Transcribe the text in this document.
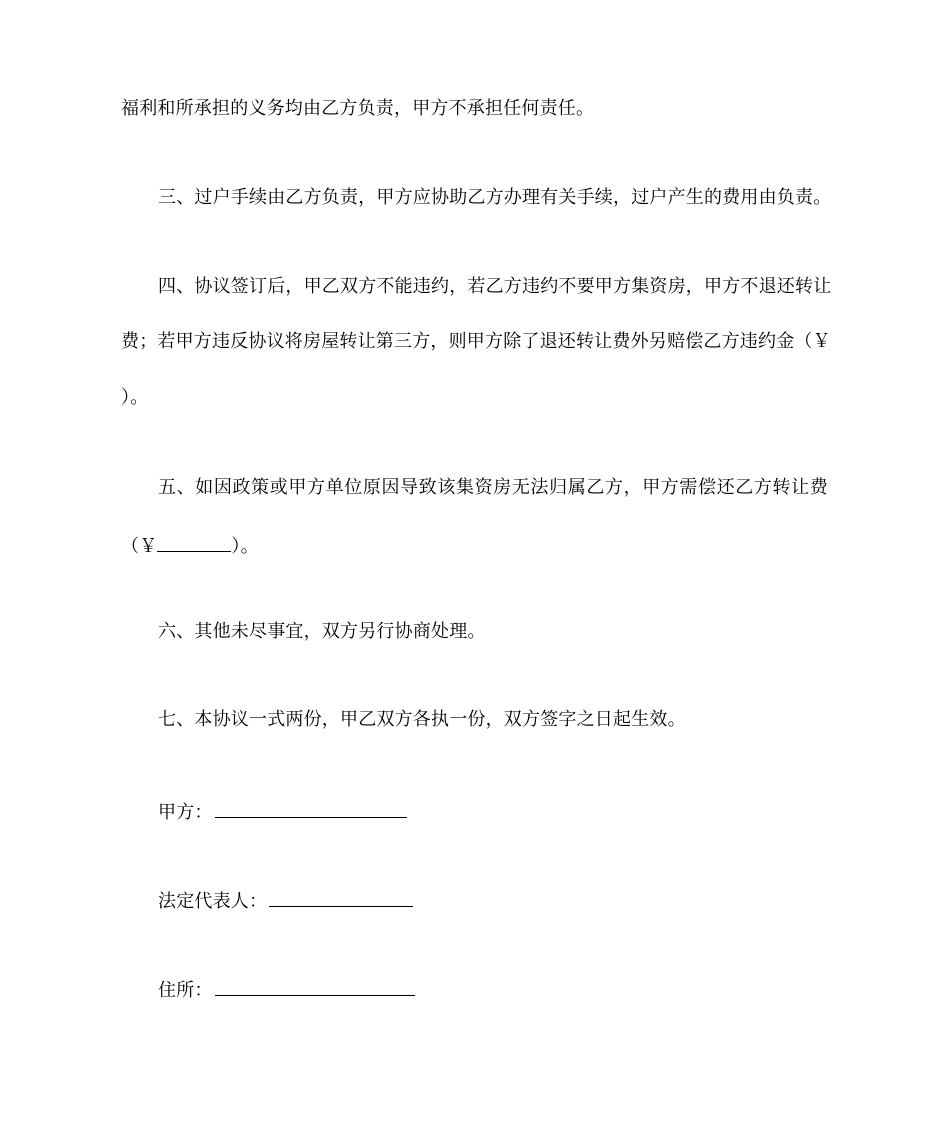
福利和所承担的义务均由乙方负责，甲方不承担任何责任。
三、过户手续由乙方负责，甲方应协助乙方办理有关手续，过户产生的费用由负责。
四、协议签订后，甲乙双方不能违约，若乙方违约不要甲方集资房，甲方不退还转让
费；若甲方违反协议将房屋转让第三方，则甲方除了退还转让费外另赔偿乙方违约金（￥
）。
五、如因政策或甲方单位原因导致该集资房无法归属乙方，甲方需偿还乙方转让费
（￥	）。
六、其他未尽事宜，双方另行协商处理。
七、本协议一式两份，甲乙双方各执一份，双方签字之日起生效。
甲方：
法定代表人：
住所：
